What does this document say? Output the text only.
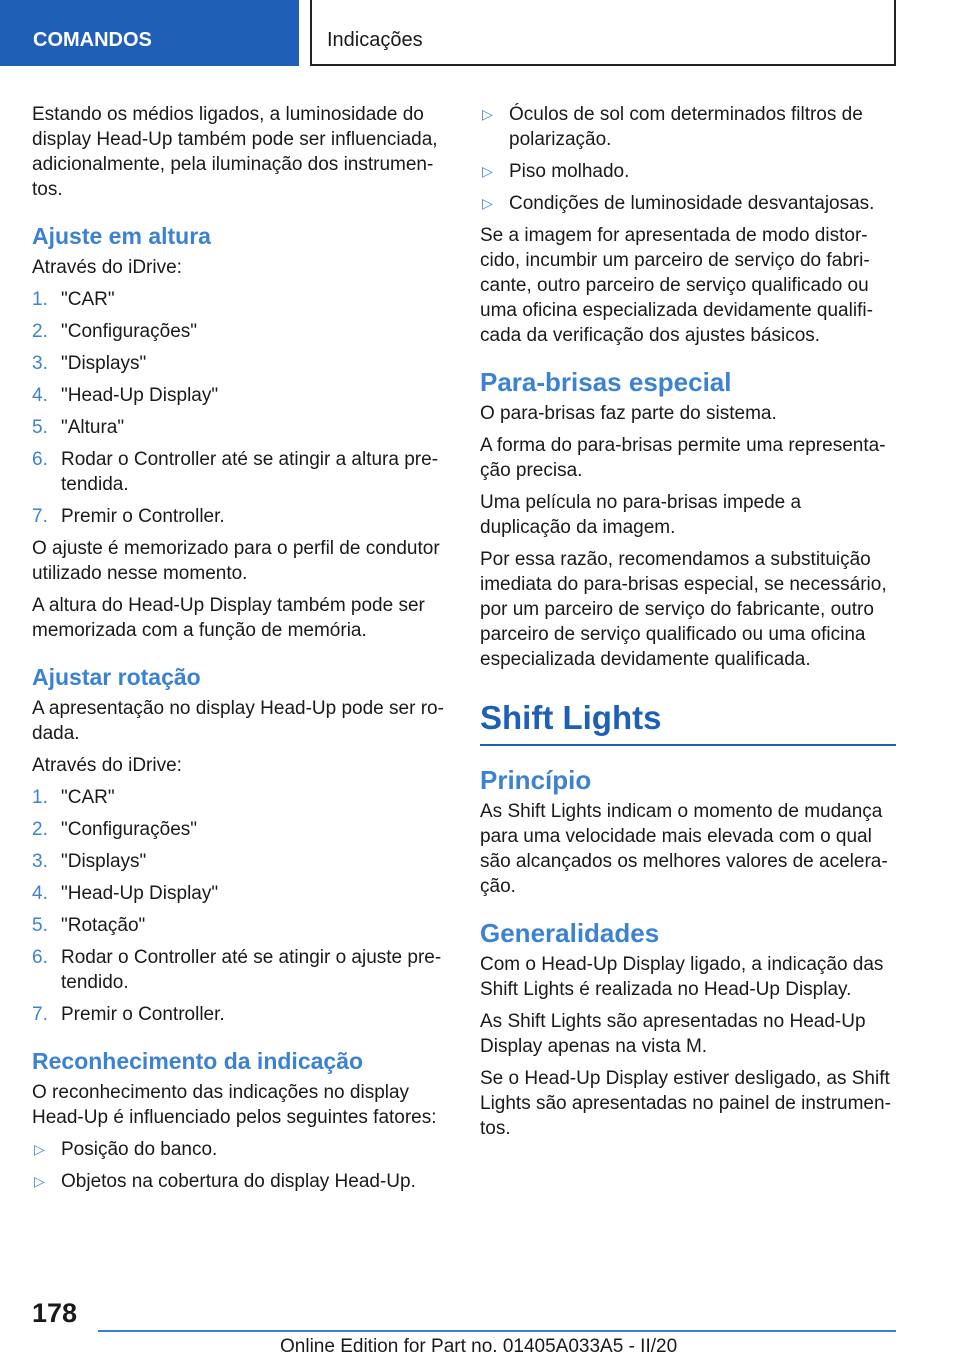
COMANDOS	Indicações

Estando os médios ligados, a luminosidade do display Head-Up também pode ser influenciada, adicionalmente, pela iluminação dos instrumentos.

Ajuste em altura

Através do iDrive:

1. "CAR"
2. "Configurações"
3. "Displays"
4. "Head-Up Display"
5. "Altura"
6. Rodar o Controller até se atingir a altura pretendida.
7. Premir o Controller.

O ajuste é memorizado para o perfil de condutor utilizado nesse momento.

A altura do Head-Up Display também pode ser memorizada com a função de memória.

Ajustar rotação

A apresentação no display Head-Up pode ser rodada.

Através do iDrive:

1. "CAR"
2. "Configurações"
3. "Displays"
4. "Head-Up Display"
5. "Rotação"
6. Rodar o Controller até se atingir o ajuste pretendido.
7. Premir o Controller.
Reconhecimento da indicação

O reconhecimento das indicações no display Head-Up é influenciado pelos seguintes fatores:

▷ Posição do banco.
▷ Objetos na cobertura do display Head-Up.
▷ Óculos de sol com determinados filtros de polarização.
▷ Piso molhado.
▷ Condições de luminosidade desvantajosas.

Se a imagem for apresentada de modo distorcido, incumbir um parceiro de serviço do fabricante, outro parceiro de serviço qualificado ou uma oficina especializada devidamente qualificada da verificação dos ajustes básicos.

Para-brisas especial

O para-brisas faz parte do sistema.

A forma do para-brisas permite uma representação precisa.

Uma película no para-brisas impede a duplicação da imagem.

Por essa razão, recomendamos a substituição imediata do para-brisas especial, se necessário, por um parceiro de serviço do fabricante, outro parceiro de serviço qualificado ou uma oficina especializada devidamente qualificada.

Shift Lights
Princípio

As Shift Lights indicam o momento de mudança para uma velocidade mais elevada com o qual são alcançados os melhores valores de aceleração.

Generalidades

Com o Head-Up Display ligado, a indicação das Shift Lights é realizada no Head-Up Display.

As Shift Lights são apresentadas no Head-Up Display apenas na vista M.

Se o Head-Up Display estiver desligado, as Shift Lights são apresentadas no painel de instrumentos.

178
Online Edition for Part no. 01405A033A5 - II/20
